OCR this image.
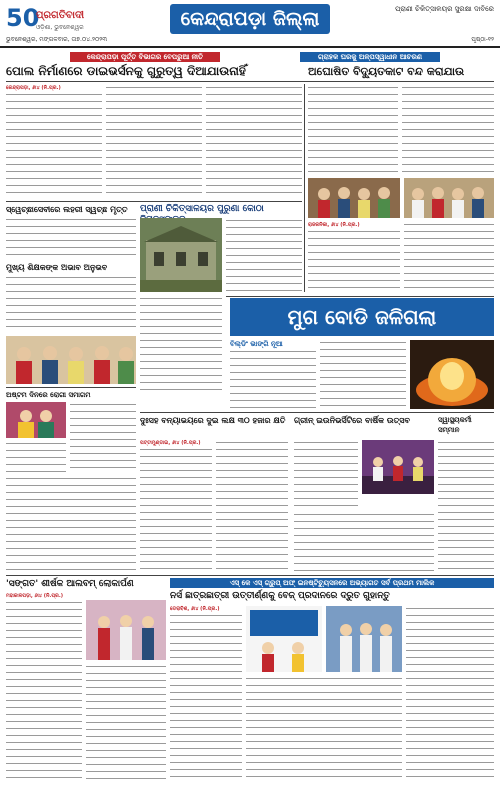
50
ପ୍ରଗତିବାଦୀ
ଓଡ଼ିଶା, ଭୁବନେଶ୍ୱର	କେନ୍ଦ୍ରାପଡ଼ା ଜିଲ୍ଲା	ପ୍ରାଣୀ ଚିକିତ୍ସାଳୟର ସୁରକ୍ଷା ଦାବିରେ
ଭୁବନେଶ୍ୱର, ମଙ୍ଗଳବାର, ତା୭.୦୪.୨୦୨୩	ପୃଷ୍ଠା-୧୨
କେନ୍ଦ୍ରାପଡ଼ା ପୂର୍ତ୍ତ ବିଭାଗର ବେପରୁଆ ନୀତି	ଗ୍ରାହକ ଘରକୁ ଅଳ୍ପସ୍ୱାଧୀନ ଆଚରଣ
ପୋଲ ନିର୍ମାଣରେ ଡାଇଭର୍ସନକୁ ଗୁରୁତ୍ୱ ଦିଆଯାଉନାହିଁ	ଅଘୋଷିତ ବିଦ୍ୟୁତକାଟ ବନ୍ଦ କରାଯାଉ
କେନ୍ଦ୍ରାପଡ଼ା, ୬ା୪ (ନି.ପ୍ର.)
ସ୍ୱେଚ୍ଛାସେବୀରେ ଲହରୀ ସ୍ୱଚ୍ଛ ମୃତ୍ତ	ପ୍ରାଣୀ ଚିକିତ୍ସାଳୟର ପୁରୁଣା କୋଠା
ମୁଖ୍ୟ ଶିକ୍ଷକଙ୍କ ଅଭାବ ଅନୁଭବ
ରାଜକନିକା, ୬ା୪ (ନି.ପ୍ର.)
ମୁଗ ବୋଡି ଜଳିଗଲା
ବିଲ୍ଡିଂ ଭାଙ୍ଗି ନୂଆ
ଅଷ୍ଟମ ଦିନରେ ରୋଗୀ ସମାଗମ
ଦୁଃସହ ବନ୍ୟାଭୟରେ ଦୁଇ ଲକ୍ଷ ୩୦ ହଜାର କ୍ଷତି
ପଟ୍ଟାମୁଣ୍ଡାଇ, ୬ା୪ (ନି.ପ୍ର.)
ଗ୍ରୀନ୍ ଇଉନିଭର୍ସିଟିରେ ବାର୍ଷିକ ଉତ୍ସବ	ସ୍ୱାସ୍ଥ୍ୟକର୍ମୀ ସମ୍ମାନ
'ସଙ୍ଗତ' ଶୀର୍ଷକ ଆଲବମ୍ ଲୋକାର୍ପଣ
ମହାକାଳପଡ଼ା, ୬ା୪ (ନି.ପ୍ର.)
ଏସ୍ କେ ଏସ୍ ଗ୍ରୁପ୍ ଅଫ୍ ଇନଷ୍ଟିଚ୍ୟୁସନରେ ଅଭ୍ୟାଗତ ସର୍ବ ପ୍ରଥମ ମାଲିକ
ନର୍ସ ଛାତ୍ରଛାତ୍ରୀ ଉତ୍ତୀର୍ଣ୍ଣକୁ ବେଜ୍ ପ୍ରଦାନରେ ଦ୍ରୁତ ଗୁହାନ୍ତୁ
ଡେରାବିଶ, ୬ା୪ (ନି.ପ୍ର.)
